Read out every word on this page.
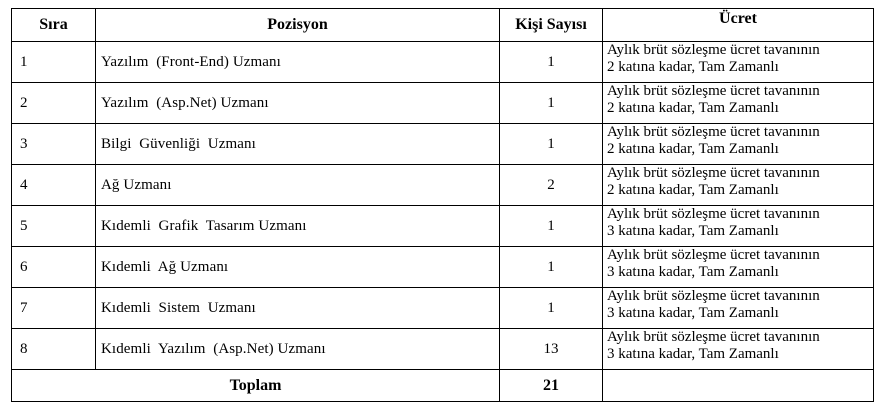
Sıra	Pozisyon	Kişi Sayısı	Ücret
1	Yazılım  (Front-End) Uzmanı	1	Aylık brüt sözleşme ücret tavanının
2 katına kadar, Tam Zamanlı

2	Yazılım  (Asp.Net) Uzmanı	1	Aylık brüt sözleşme ücret tavanının
2 katına kadar, Tam Zamanlı

3	Bilgi  Güvenliği  Uzmanı	1	Aylık brüt sözleşme ücret tavanının
2 katına kadar, Tam Zamanlı

4	Ağ Uzmanı	2	Aylık brüt sözleşme ücret tavanının
2 katına kadar, Tam Zamanlı

5	Kıdemli  Grafik  Tasarım Uzmanı	1	Aylık brüt sözleşme ücret tavanının
3 katına kadar, Tam Zamanlı

6	Kıdemli  Ağ Uzmanı	1	Aylık brüt sözleşme ücret tavanının
3 katına kadar, Tam Zamanlı

7	Kıdemli  Sistem  Uzmanı	1	Aylık brüt sözleşme ücret tavanının
3 katına kadar, Tam Zamanlı

8	Kıdemli  Yazılım  (Asp.Net) Uzmanı	13	Aylık brüt sözleşme ücret tavanının
3 katına kadar, Tam Zamanlı

Toplam		21	
